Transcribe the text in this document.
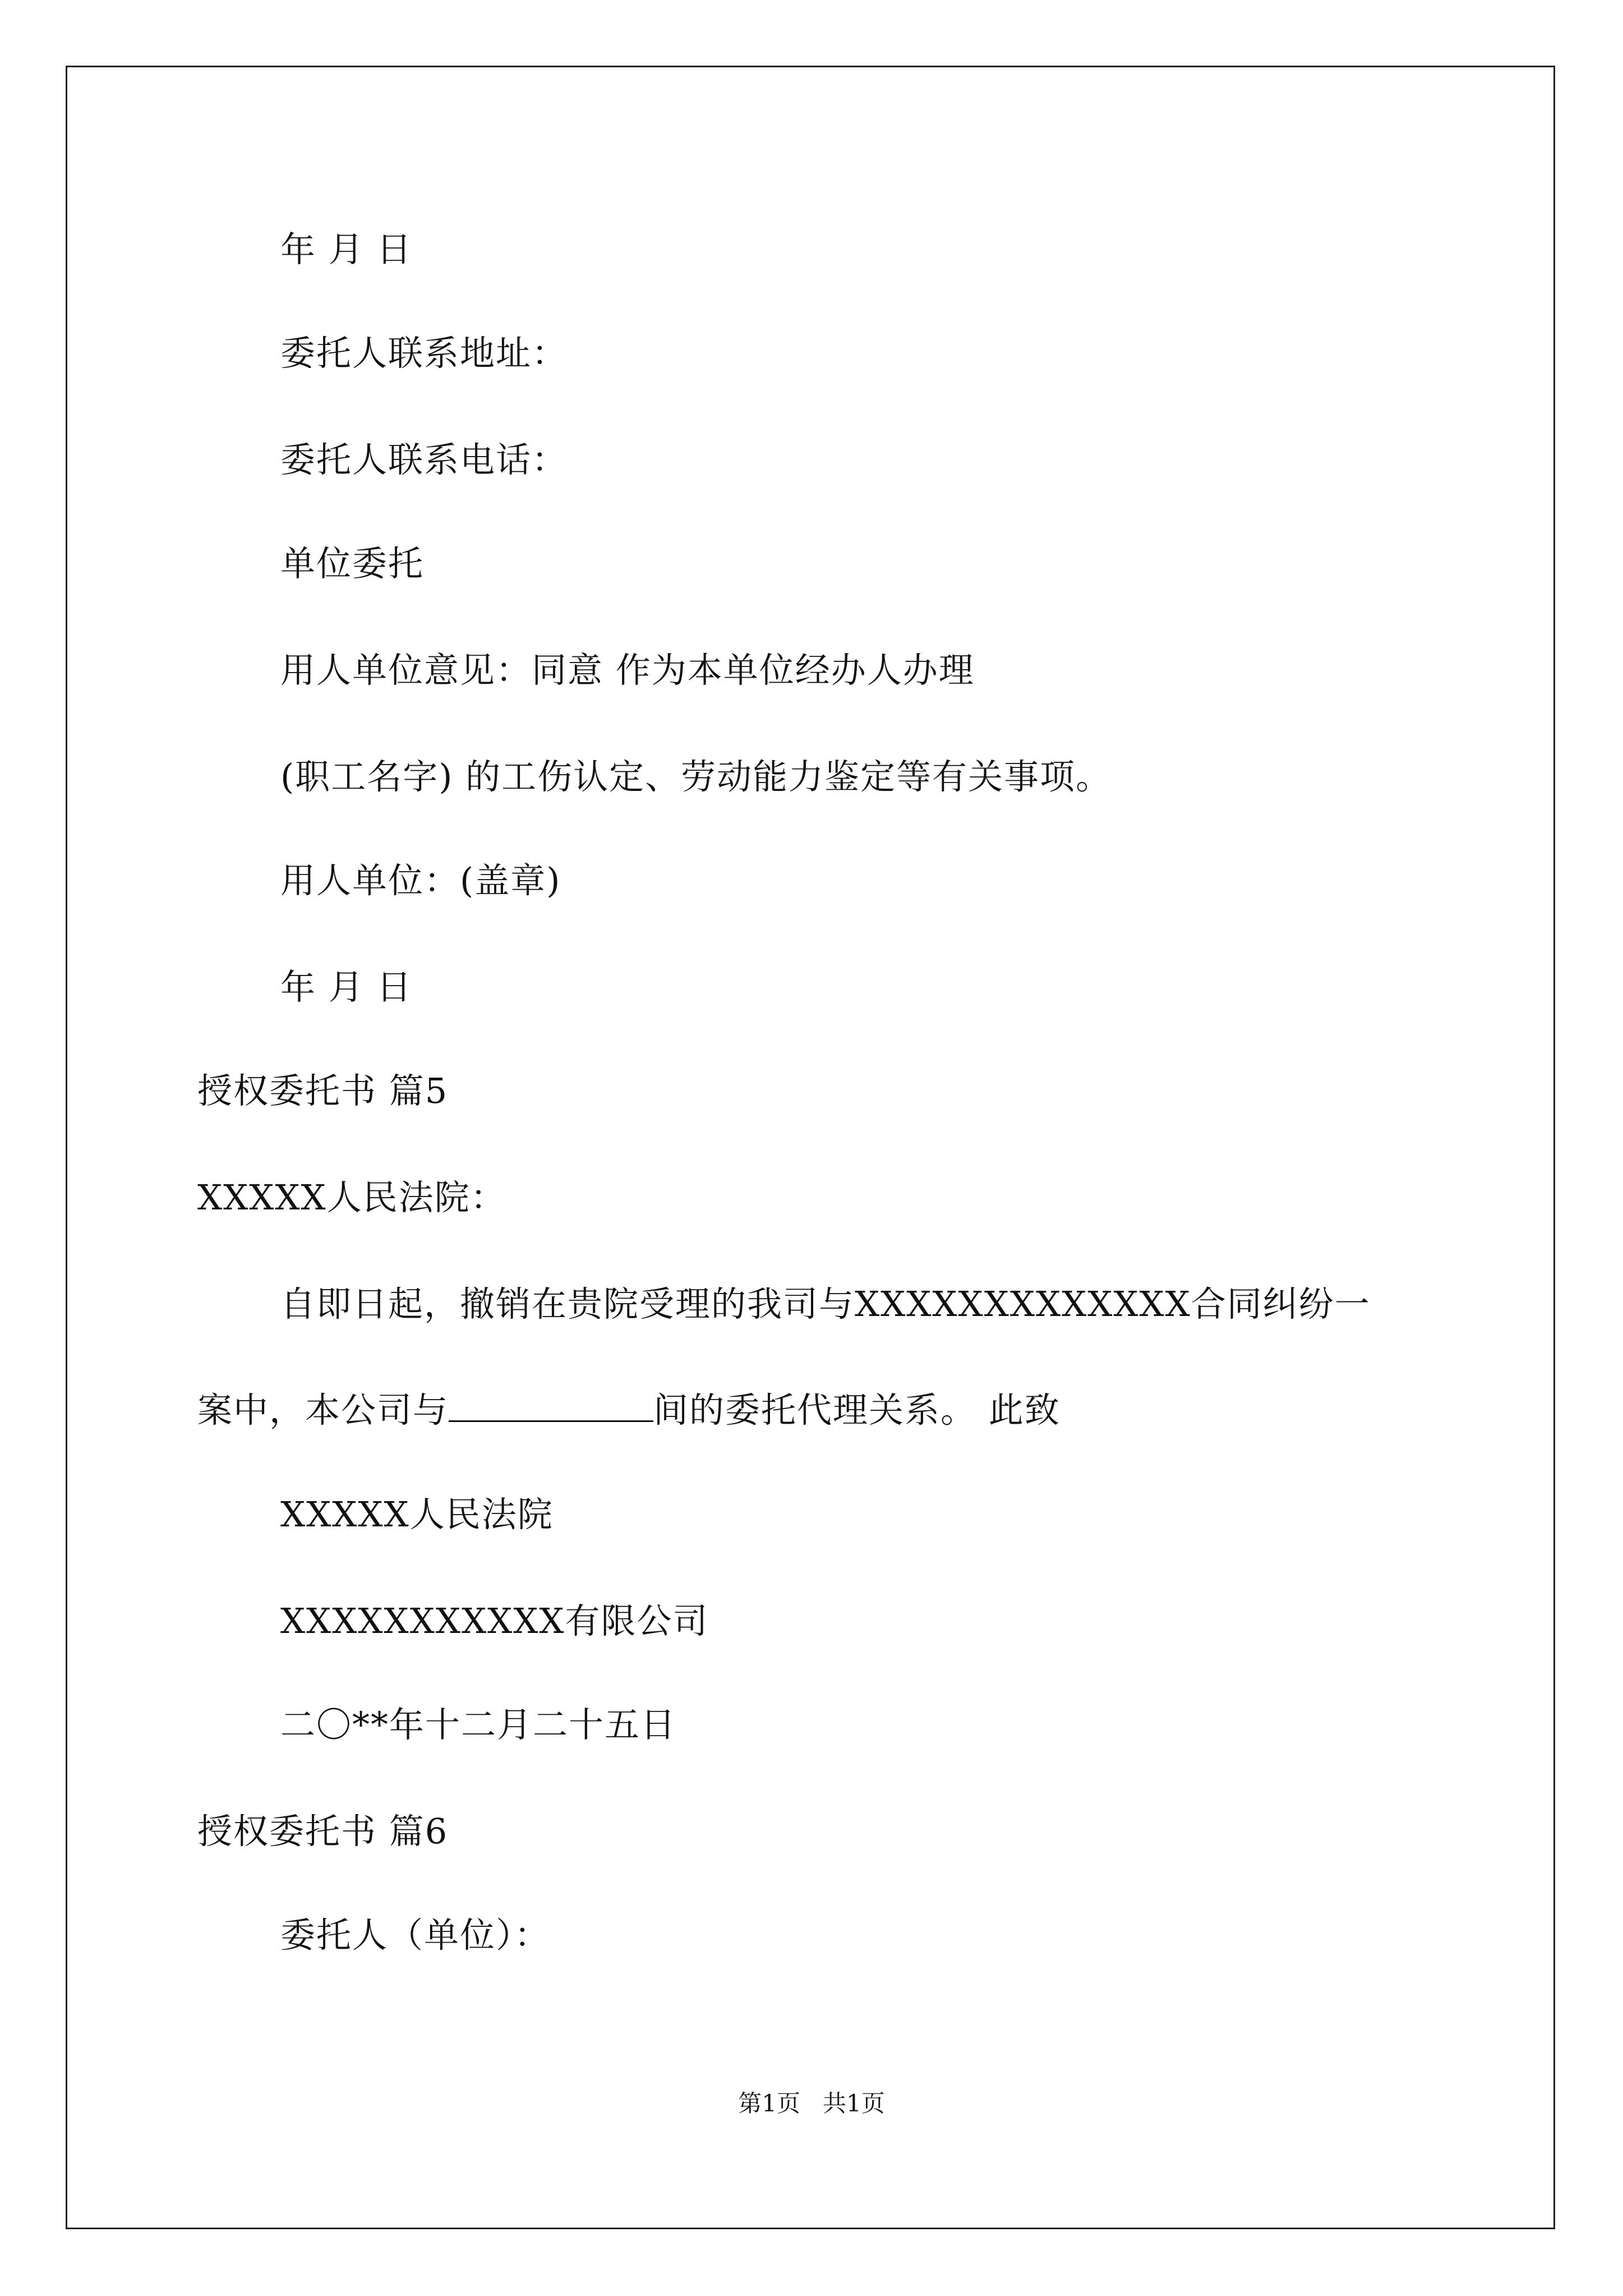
年 月 日
委托人联系地址：
委托人联系电话：
单位委托
用人单位意见：同意 作为本单位经办人办理
(职工名字) 的工伤认定、劳动能力鉴定等有关事项。
用人单位：(盖章)
年 月 日
授权委托书 篇5
XXXXX人民法院：
自即日起，撤销在贵院受理的我司与XXXXXXXXXXXXX合同纠纷一
案中，本公司与	间的委托代理关系。 此致
XXXXX人民法院
XXXXXXXXXXX有限公司
二〇**年十二月二十五日
授权委托书 篇6
委托人（单位）：
第1页   共1页
